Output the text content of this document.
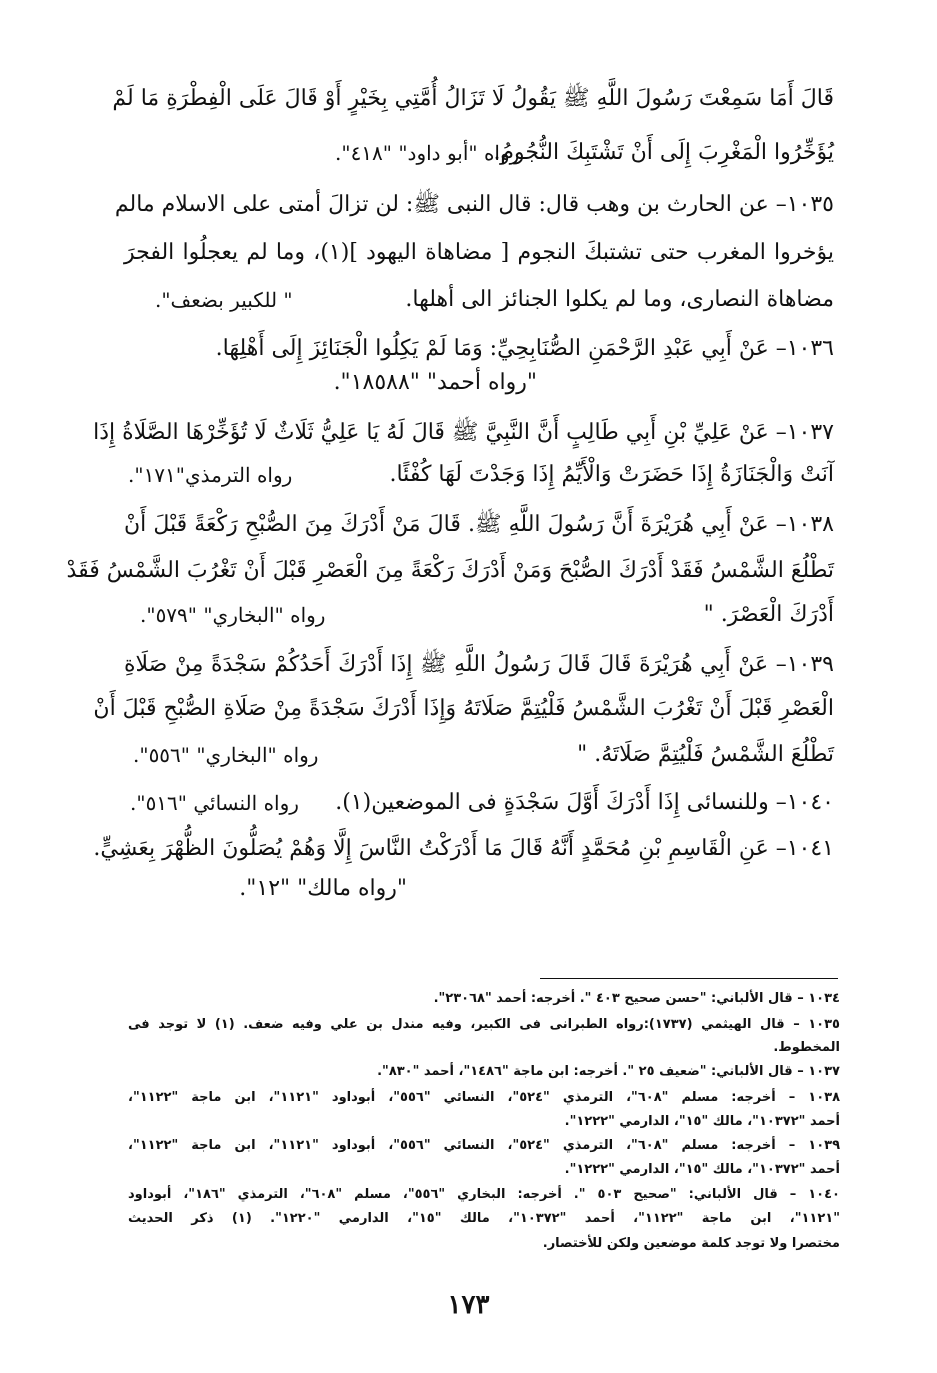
قَالَ أَمَا سَمِعْتَ رَسُولَ اللَّهِ ﷺ يَقُولُ لَا تَزَالُ أُمَّتِي بِخَيْرٍ أَوْ قَالَ عَلَى الْفِطْرَةِ مَا لَمْ
يُؤَخِّرُوا الْمَغْرِبَ إِلَى أَنْ تَشْتَبِكَ النُّجُومُ.
رواه "أبو داود" "٤١٨".
١٠٣٥– عن الحارث بن وهب قال: قال النبى ﷺ: لن تزالَ أمتى على الاسلام مالم
يؤخروا المغرب حتى تشتبكَ النجوم [ مضاهاة اليهود ](١)، وما لم يعجلُوا الفجرَ
مضاهاة النصارى، وما لم يكلوا الجنائز الى أهلها.
" للكبير بضعف".
١٠٣٦– عَنْ أَبِي عَبْدِ الرَّحْمَنِ الصُّنَابِحِيِّ: وَمَا لَمْ يَكِلُوا الْجَنَائِزَ إِلَى أَهْلِهَا.
"رواه أحمد" "١٨٥٨٨".
١٠٣٧– عَنْ عَلِيِّ بْنِ أَبِي طَالِبٍ أَنَّ النَّبِيَّ ﷺ قَالَ لَهُ يَا عَلِيُّ ثَلَاثٌ لَا تُؤَخِّرْهَا الصَّلَاةُ إِذَا
آنَتْ وَالْجَنَازَةُ إِذَا حَضَرَتْ وَالْأَيِّمُ إِذَا وَجَدْتَ لَهَا كُفْئًا.
رواه الترمذي"١٧١".
١٠٣٨– عَنْ أَبِي هُرَيْرَةَ أَنَّ رَسُولَ اللَّهِ ﷺ. قَالَ مَنْ أَدْرَكَ مِنَ الصُّبْحِ رَكْعَةً قَبْلَ أَنْ
تَطْلُعَ الشَّمْسُ فَقَدْ أَدْرَكَ الصُّبْحَ وَمَنْ أَدْرَكَ رَكْعَةً مِنَ الْعَصْرِ قَبْلَ أَنْ تَغْرُبَ الشَّمْسُ فَقَدْ
أَدْرَكَ الْعَصْرَ. "
رواه "البخاري" "٥٧٩".
١٠٣٩– عَنْ أَبِي هُرَيْرَةَ قَالَ قَالَ رَسُولُ اللَّهِ ﷺ إِذَا أَدْرَكَ أَحَدُكُمْ سَجْدَةً مِنْ صَلَاةِ
الْعَصْرِ قَبْلَ أَنْ تَغْرُبَ الشَّمْسُ فَلْيُتِمَّ صَلَاتَهُ وَإِذَا أَدْرَكَ سَجْدَةً مِنْ صَلَاةِ الصُّبْحِ قَبْلَ أَنْ
تَطْلُعَ الشَّمْسُ فَلْيُتِمَّ صَلَاتَهُ. "
رواه "البخاري" "٥٥٦".
١٠٤٠– وللنسائى إِذَا أَدْرَكَ أَوَّلَ سَجْدَةٍ فى الموضعين(١).
رواه النسائي "٥١٦".
١٠٤١– عَنِ الْقَاسِمِ بْنِ مُحَمَّدٍ أَنَّهُ قَالَ مَا أَدْرَكْتُ النَّاسَ إِلَّا وَهُمْ يُصَلُّونَ الظُّهْرَ بِعَشِيٍّ.
"رواه مالك" "١٢".
١٠٣٤ – قال الألباني: "حسن صحيح ٤٠٣ ". أخرجه: أحمد "٢٣٠٦٨".
١٠٣٥ – قال الهيثمي (١٧٣٧):رواه الطبرانى فى الكبير، وفيه مندل بن علي وفيه ضعف. (١) لا توجد فى
المخطوط.
١٠٣٧ – قال الألباني: "ضعيف ٢٥ ". أخرجه: ابن ماجة "١٤٨٦"، أحمد "٨٣٠".
١٠٣٨ – أخرجه: مسلم "٦٠٨"، الترمذي "٥٢٤"، النسائي "٥٥٦"، أبوداود "١١٢١"، ابن ماجة "١١٢٢"،
أحمد "١٠٣٧٢"، مالك "١٥"، الدارمي "١٢٢٢".
١٠٣٩ – أخرجه: مسلم "٦٠٨"، الترمذي "٥٢٤"، النسائي "٥٥٦"، أبوداود "١١٢١"، ابن ماجة "١١٢٢"،
أحمد "١٠٣٧٢"، مالك "١٥"، الدارمي "١٢٢٢".
١٠٤٠ – قال الألباني: "صحيح ٥٠٣ ". أخرجه: البخاري "٥٥٦"، مسلم "٦٠٨"، الترمذي "١٨٦"، أبوداود
"١١٢١"، ابن ماجة "١١٢٢"، أحمد "١٠٣٧٢"، مالك "١٥"، الدارمي "١٢٢٠". (١) ذكر الحديث
مختصرا ولا توجد كلمة موضعين ولكن للأختصار.
١٧٣
